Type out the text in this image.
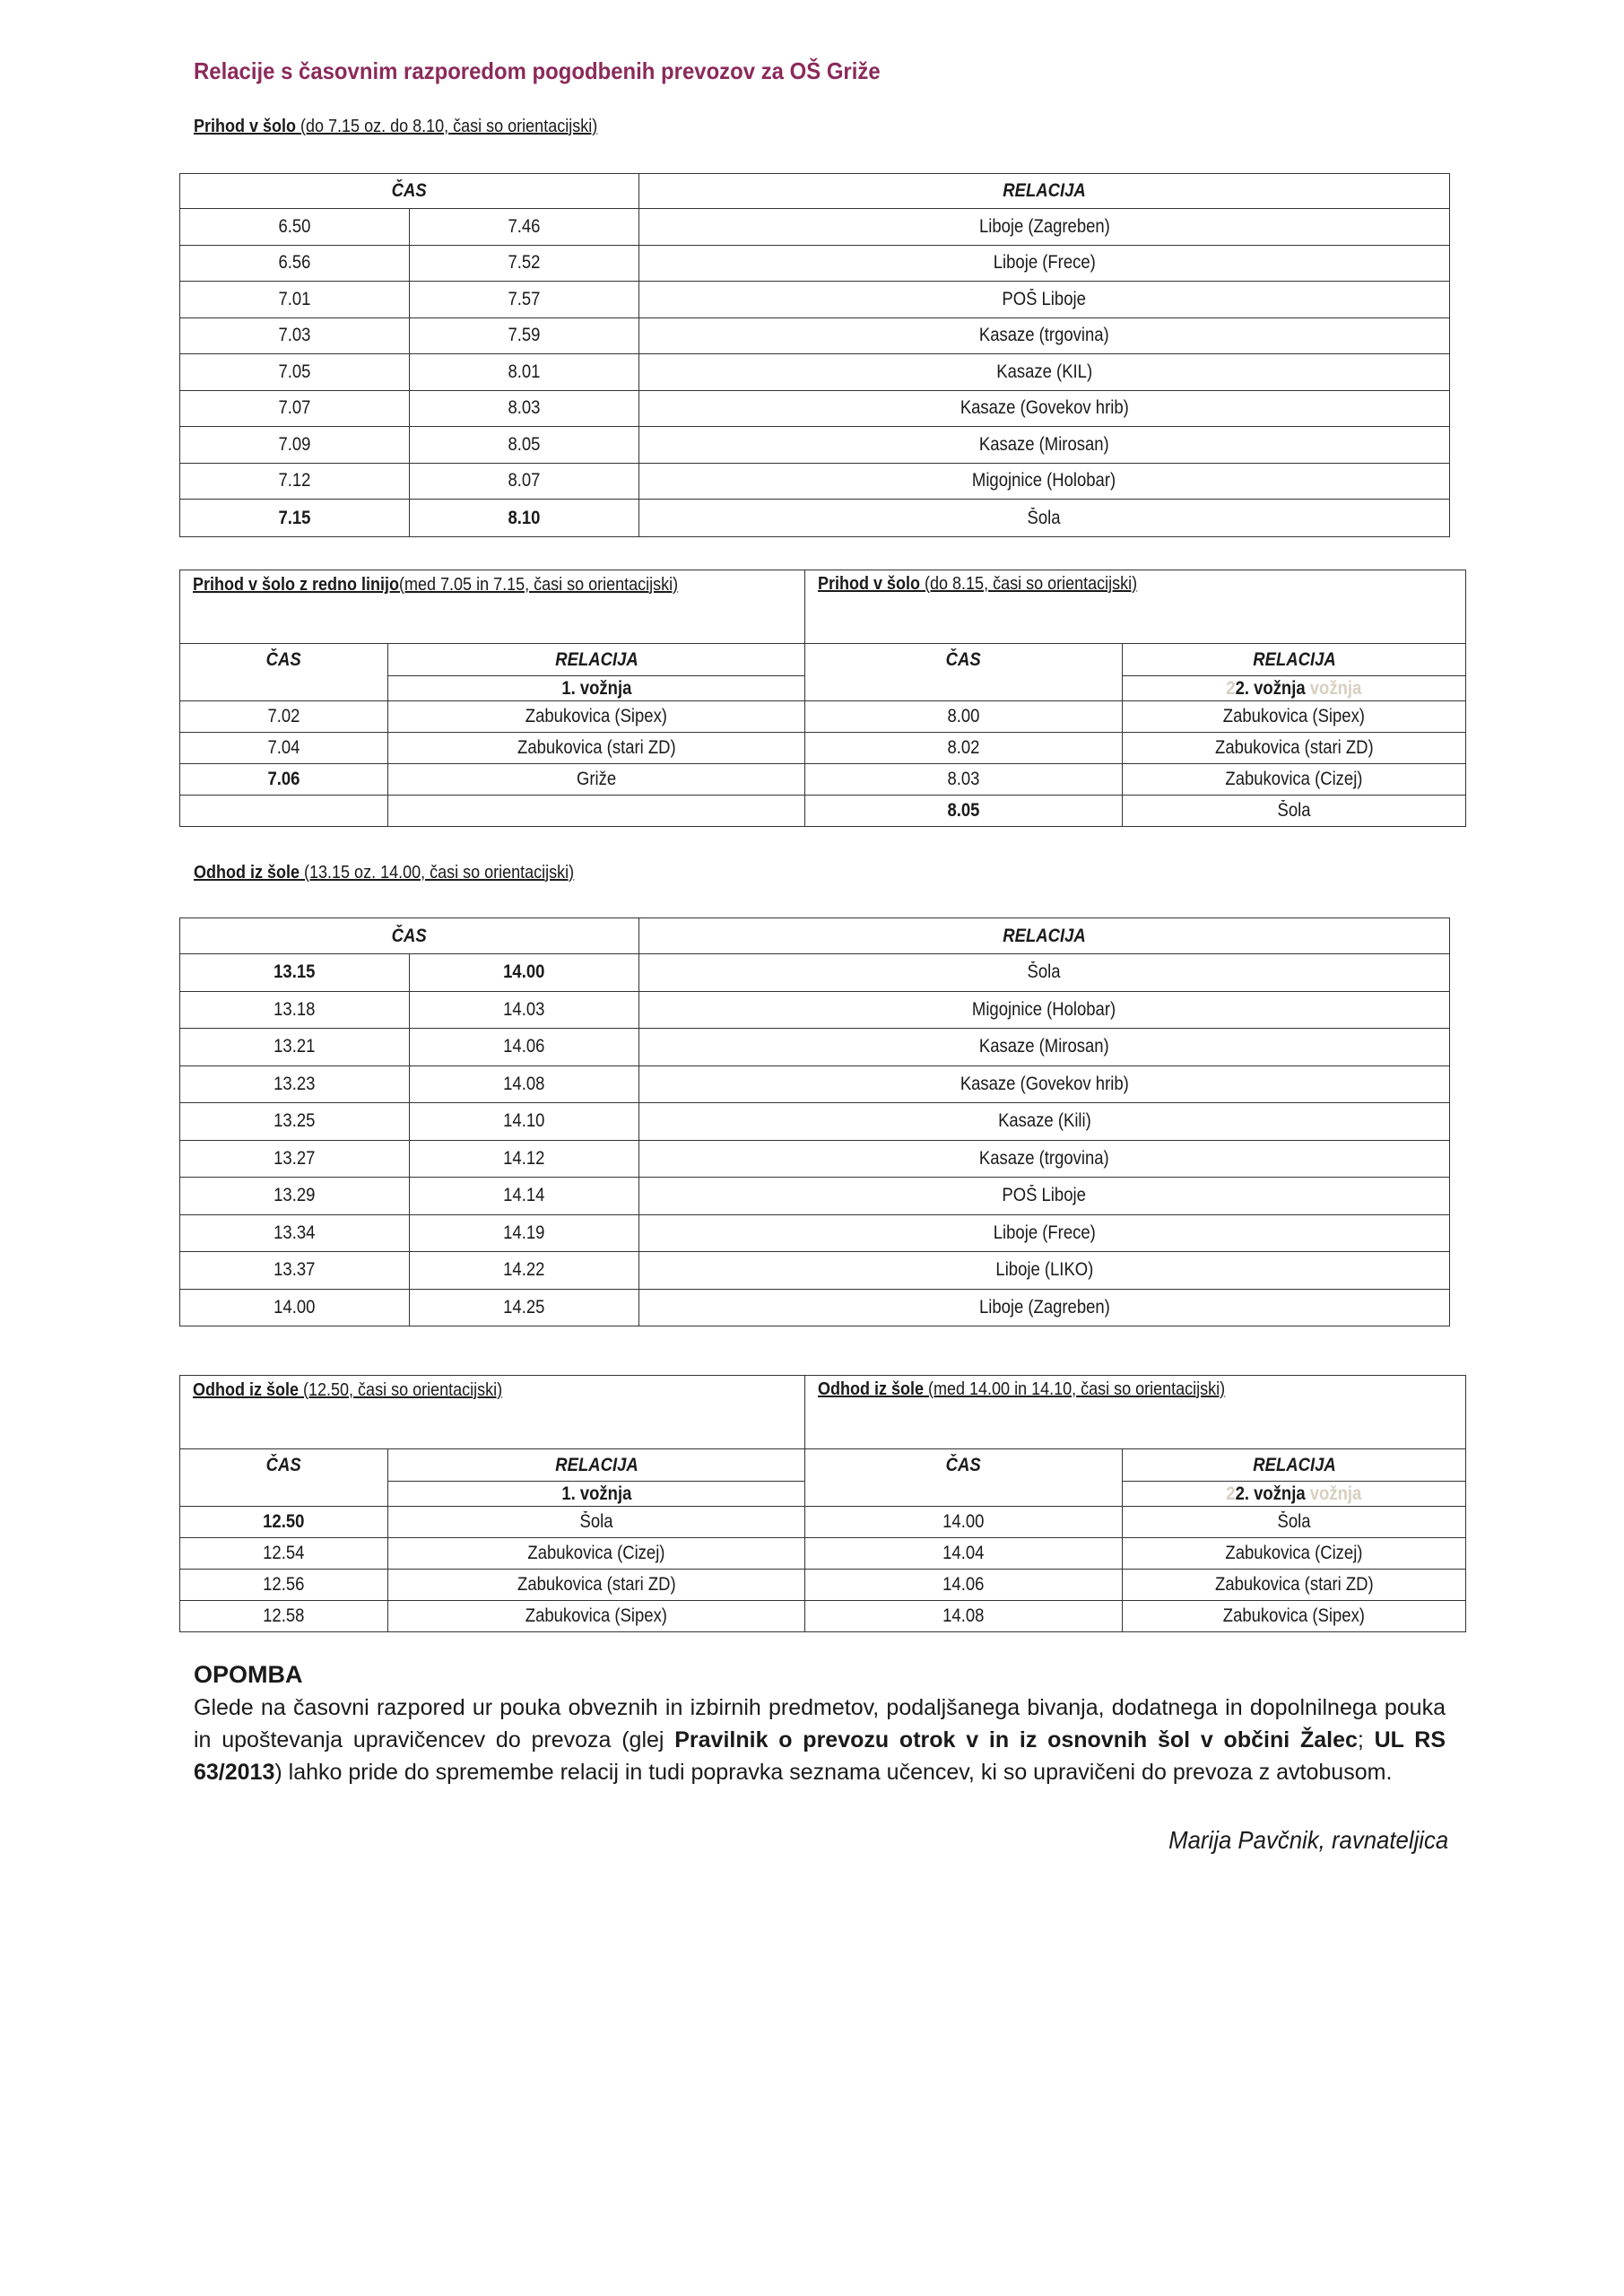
Relacije s časovnim razporedom pogodbenih prevozov za OŠ Griže
Prihod v šolo (do 7.15 oz. do 8.10, časi so orientacijski)
ČAS		RELACIJA
6.50	7.46	Liboje (Zagreben)
6.56	7.52	Liboje (Frece)
7.01	7.57	POŠ Liboje
7.03	7.59	Kasaze (trgovina)
7.05	8.01	Kasaze (KIL)
7.07	8.03	Kasaze (Govekov hrib)
7.09	8.05	Kasaze (Mirosan)
7.12	8.07	Migojnice (Holobar)
7.15	8.10	Šola
Prihod v šolo z redno linijo(med 7.05 in 7.15, časi so orientacijski)		Prihod v šolo (do 8.15, časi so orientacijski)	

ČAS	RELACIJA	ČAS	RELACIJA
	1. vožnja		22. vožnja vožnja
7.02	Zabukovica (Sipex)	8.00	Zabukovica (Sipex)
7.04	Zabukovica (stari ZD)	8.02	Zabukovica (stari ZD)
7.06	Griže	8.03	Zabukovica (Cizej)
		8.05	Šola
Odhod iz šole (13.15 oz. 14.00, časi so orientacijski)
ČAS		RELACIJA
13.15	14.00	Šola
13.18	14.03	Migojnice (Holobar)
13.21	14.06	Kasaze (Mirosan)
13.23	14.08	Kasaze (Govekov hrib)
13.25	14.10	Kasaze (Kili)
13.27	14.12	Kasaze (trgovina)
13.29	14.14	POŠ Liboje
13.34	14.19	Liboje (Frece)
13.37	14.22	Liboje (LIKO)
14.00	14.25	Liboje (Zagreben)
Odhod iz šole (12.50, časi so orientacijski)		Odhod iz šole (med 14.00 in 14.10, časi so orientacijski)	

ČAS	RELACIJA	ČAS	RELACIJA
	1. vožnja		22. vožnja vožnja
12.50	Šola	14.00	Šola
12.54	Zabukovica (Cizej)	14.04	Zabukovica (Cizej)
12.56	Zabukovica (stari ZD)	14.06	Zabukovica (stari ZD)
12.58	Zabukovica (Sipex)	14.08	Zabukovica (Sipex)
OPOMBA
Glede na časovni razpored ur pouka obveznih in izbirnih predmetov, podaljšanega bivanja, dodatnega in dopolnilnega pouka in upoštevanja upravičencev do prevoza (glej Pravilnik o prevozu otrok v in iz osnovnih šol v občini Žalec; UL RS 63/2013) lahko pride do spremembe relacij in tudi popravka seznama učencev, ki so upravičeni do prevoza z avtobusom.
Marija Pavčnik, ravnateljica
